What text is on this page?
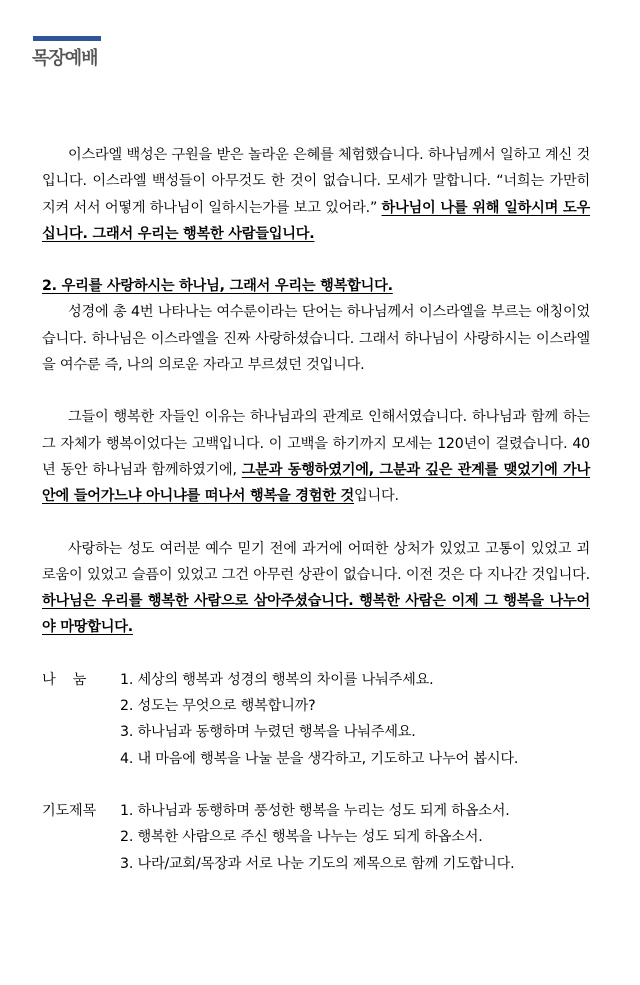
목장예배

이스라엘 백성은 구원을 받은 놀라운 은혜를 체험했습니다. 하나님께서 일하고 계신 것입니다. 이스라엘 백성들이 아무것도 한 것이 없습니다. 모세가 말합니다. “너희는 가만히 지켜 서서 어떻게 하나님이 일하시는가를 보고 있어라.” 하나님이 나를 위해 일하시며 도우십니다. 그래서 우리는 행복한 사람들입니다.

2. 우리를 사랑하시는 하나님, 그래서 우리는 행복합니다.

성경에 총 4번 나타나는 여수룬이라는 단어는 하나님께서 이스라엘을 부르는 애칭이었습니다. 하나님은 이스라엘을 진짜 사랑하셨습니다. 그래서 하나님이 사랑하시는 이스라엘을 여수룬 즉, 나의 의로운 자라고 부르셨던 것입니다.

그들이 행복한 자들인 이유는 하나님과의 관계로 인해서였습니다. 하나님과 함께 하는 그 자체가 행복이었다는 고백입니다. 이 고백을 하기까지 모세는 120년이 걸렸습니다. 40년 동안 하나님과 함께하였기에, 그분과 동행하였기에, 그분과 깊은 관계를 맺었기에 가나안에 들어가느냐 아니냐를 떠나서 행복을 경험한 것입니다.

사랑하는 성도 여러분 예수 믿기 전에 과거에 어떠한 상처가 있었고 고통이 있었고 괴로움이 있었고 슬픔이 있었고 그건 아무런 상관이 없습니다. 이전 것은 다 지나간 것입니다. 하나님은 우리를 행복한 사람으로 삼아주셨습니다. 행복한 사람은 이제 그 행복을 나누어야 마땅합니다.

나    눔	1. 세상의 행복과 성경의 행복의 차이를 나눠주세요.
2. 성도는 무엇으로 행복합니까?
3. 하나님과 동행하며 누렸던 행복을 나눠주세요.
4. 내 마음에 행복을 나눌 분을 생각하고, 기도하고 나누어 봅시다.
기도제목	1. 하나님과 동행하며 풍성한 행복을 누리는 성도 되게 하옵소서.
2. 행복한 사람으로 주신 행복을 나누는 성도 되게 하옵소서.
3. 나라/교회/목장과 서로 나눈 기도의 제목으로 함께 기도합니다.
